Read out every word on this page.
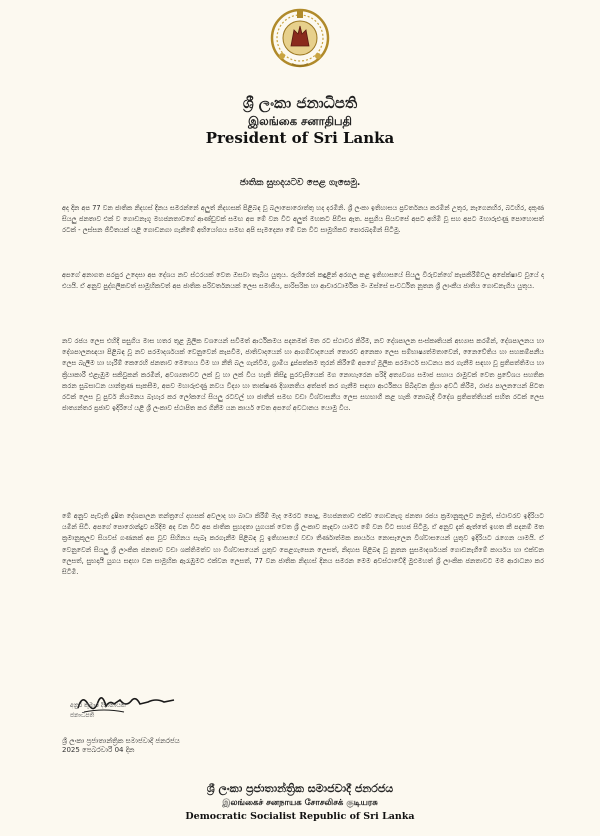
ශ්‍රී ලංකා ජනාධිපති
இலங்கை சனாதிபதி
President of Sri Lanka
ජාතික සුහදයටව පෙළ ගැසෙමු.

අද දින අප 77 වන ජාතික නිදහස් දිනය සමරන්නේ අලුත් නිදහසක් පිළිබඳ වූ බලාපොරොත්තු හද දරමිනි. ශ්‍රී ලංකා ඉතිහාසය ප්‍රවර්තනය කරමින් උතුර, නැගෙනහිර, බටහිර, දකුණ සියලු ජනතාව එක් ව ගොඩනැගූ මහජනතාවගේ ආණ්ඩුවක් සමඟ අප මේ වන විට අලුත් මහකට පිවිස ඇත. පසුගිය සියවසේ අපට අහිමි වූ සහ අපට මහාරුළුණු පොහොසත් රටක් - ලස්සන ජීවිතයක් යළි ගොඩනගා ගැනීමේ අභියෝගය සමඟ අපි සැමදෙනා මේ වන විට සාමූහිකව පොරබදමින් සිටිමු.

අපගේ අනාගත පරපුර උදෙසා අප දේශය නව ස්ථරයක් වෙත ඔසවා තැබිය යුතුය. රුහිරෙන් කඳුළින් අරගල කළ ඉතිහාසයේ සියලු විරුවන්ගේ කැපකිරීම්වල අපේක්ෂාව වූයේ ද එයයි. ඒ අනුව පුද්ගලිකවත් සාමූහිකවත් අප ජාතික පරිවර්තනයක් ලෙස සමාජීය, පාරිසරික හා ආචාරධාර්මික මං ඔස්සේ සංවර්ධිත නූතන ශ්‍රී ලාංකීය ජාතිය ගොඩනැගිය යුතුය.

නව රජය ලෙස එහිදී පසුගිය මාස හතර තුළ මූලික වශයෙන් සවිමත් ආර්ථිකමය පදනමක් මත රට ස්ථාවර කිරීම, නව දේශපාලන සංස්කෘතියක් අභ්‍යාස කරමින්, දේශපාලනය හා දේශපාලනඥයා පිළිබඳ වූ නව පරමාදර්ශයක් වෙනුවෙන් කැපවීම, ජාතිවාදයෙන් හා ආගම්වාදයෙන් තොරව අනෙකා ලෙස සම්භාෂ්‍යත්මතාවෙන්, නෛවේතිය හා සහකම්පනීය ලෙස බැලීම හා හැරීම් කෙරෙහි ජනතාව මෙහෙය වීම හා නීති බල ගැන්වීම, ග්‍රාමීය දුප්පත්කම තුරන් කිරීමේ අපගේ මූලික පරමාර්ථ සාධනය කර ගැනීම සඳහා වූ ප්‍රතිපත්තිමය හා ක්‍රියාකාරී එළැඹුම සකිවුකන් කරමින්, අවශ්‍යතාවට ලක් වූ හා ලක් විය හැකි කිසිදු පුරවැසියෙක් මග නොහැරෙන පරිදි අත්‍යවශ්‍ය සමාජ සහාය රාමුවක් වෙත ප්‍රවේශය සහතික කරන සුබසාධන යාන්ත්‍රණ සැකසීම, අපව මහාරුළුණු නවය විද්‍යා හා තාක්ෂණ දිශානතිය අත්පත් කර ගැනීම සඳහා ආර්ථිකය පිබිදවන ක්‍රියා අවධි කිරීම, රාජ්‍ය පාලනයෙන් පිටත රටක් ලෙස වූ පුර්ව නියමනය බැහැර කර ලෝකයේ සියලු රටවල් හා ජාතීන් සමඟ වඩා විශ්වාසනීය ලෙස සහභාගී කළ හැකි නොබැදි විදේශ ප්‍රතිපත්තියක් සහිත රටක් ලෙස ජාත්‍යන්තර ප්‍රජාව ඉදිරියේ යළි ශ්‍රී ලංකාව ස්ථාපිත කර ගිනීම යන කාර්ය වෙත අපගේ අවධානය යොමු විය.

මේ අනුව පැවැති දුෂිත දේශපාලන තන්ත්‍රයේ දහසක් අවලාද හා බාධා කිරීම් මැද මෙරට පොදු, මහජනතාව එක්ව ගොඩනැගූ ජනතා රජය ක්‍රමානුකූලව නමුත්, ස්ථාවරව ඉදිරියට යමින් සිටී. අපගේ පොරොන්දුව පරිදිම අද වන විට අප ජාතික සුහදතා යුගයක් වෙත ශ්‍රී ලංකාව කැඳවා යාමට මේ වන විට සහජ සිටිමු. ඒ අනුව දැන් ඇත්තේ ඉහත කී පදනම් මත ක්‍රමානුකූලව සියවස් ගණනක් අප වූව සිහිනය සැබෑ කරගැනීම පිළිබඳ වූ ඉතිහාසයේ වඩා තීර්ණාත්මක කාර්යය නොසැලෙන විශ්වාසයෙන් යුතුව ඉදිරියට රැගෙන යාමයි. ඒ වෙනුවෙන් සියලු ශ්‍රී ලාංකික ජනතාව වඩා ශක්තිමත්ව හා විශ්වාසයෙන් යුතුව පෙළගැසෙන ලෙසත්, නිදහස පිළිබඳ වූ නූතන සුසමාදර්ශයක් ගොඩනැගීමේ කාර්යය හා එක්වන ලෙසත්, සුභදායී යුගය සඳහා වන සාමූහික ඇරැඹුමට එක්වන ලෙසත්, 77 වන ජාතික නිදහස් දිනය සමරන මෙම අවස්ථාවේදී මුළුමහත් ශ්‍රී ලාංකික ජනතාවට මම ආරාධනා කර සිටිමි.

අනුර කුමාර දිසානායක
ජනාධිපති
ශ්‍රී ලංකා ප්‍රජාතාන්ත්‍රික සමාජවාදී ජනරජය
2025 පෙබරවාරි 04 දින
ශ්‍රී ලංකා ප්‍රජාතාන්ත්‍රික සමාජවාදී ජනරජය
இலங்கைச் சனநாயக சோசலிசக் குடியரசு
Democratic Socialist Republic of Sri Lanka
